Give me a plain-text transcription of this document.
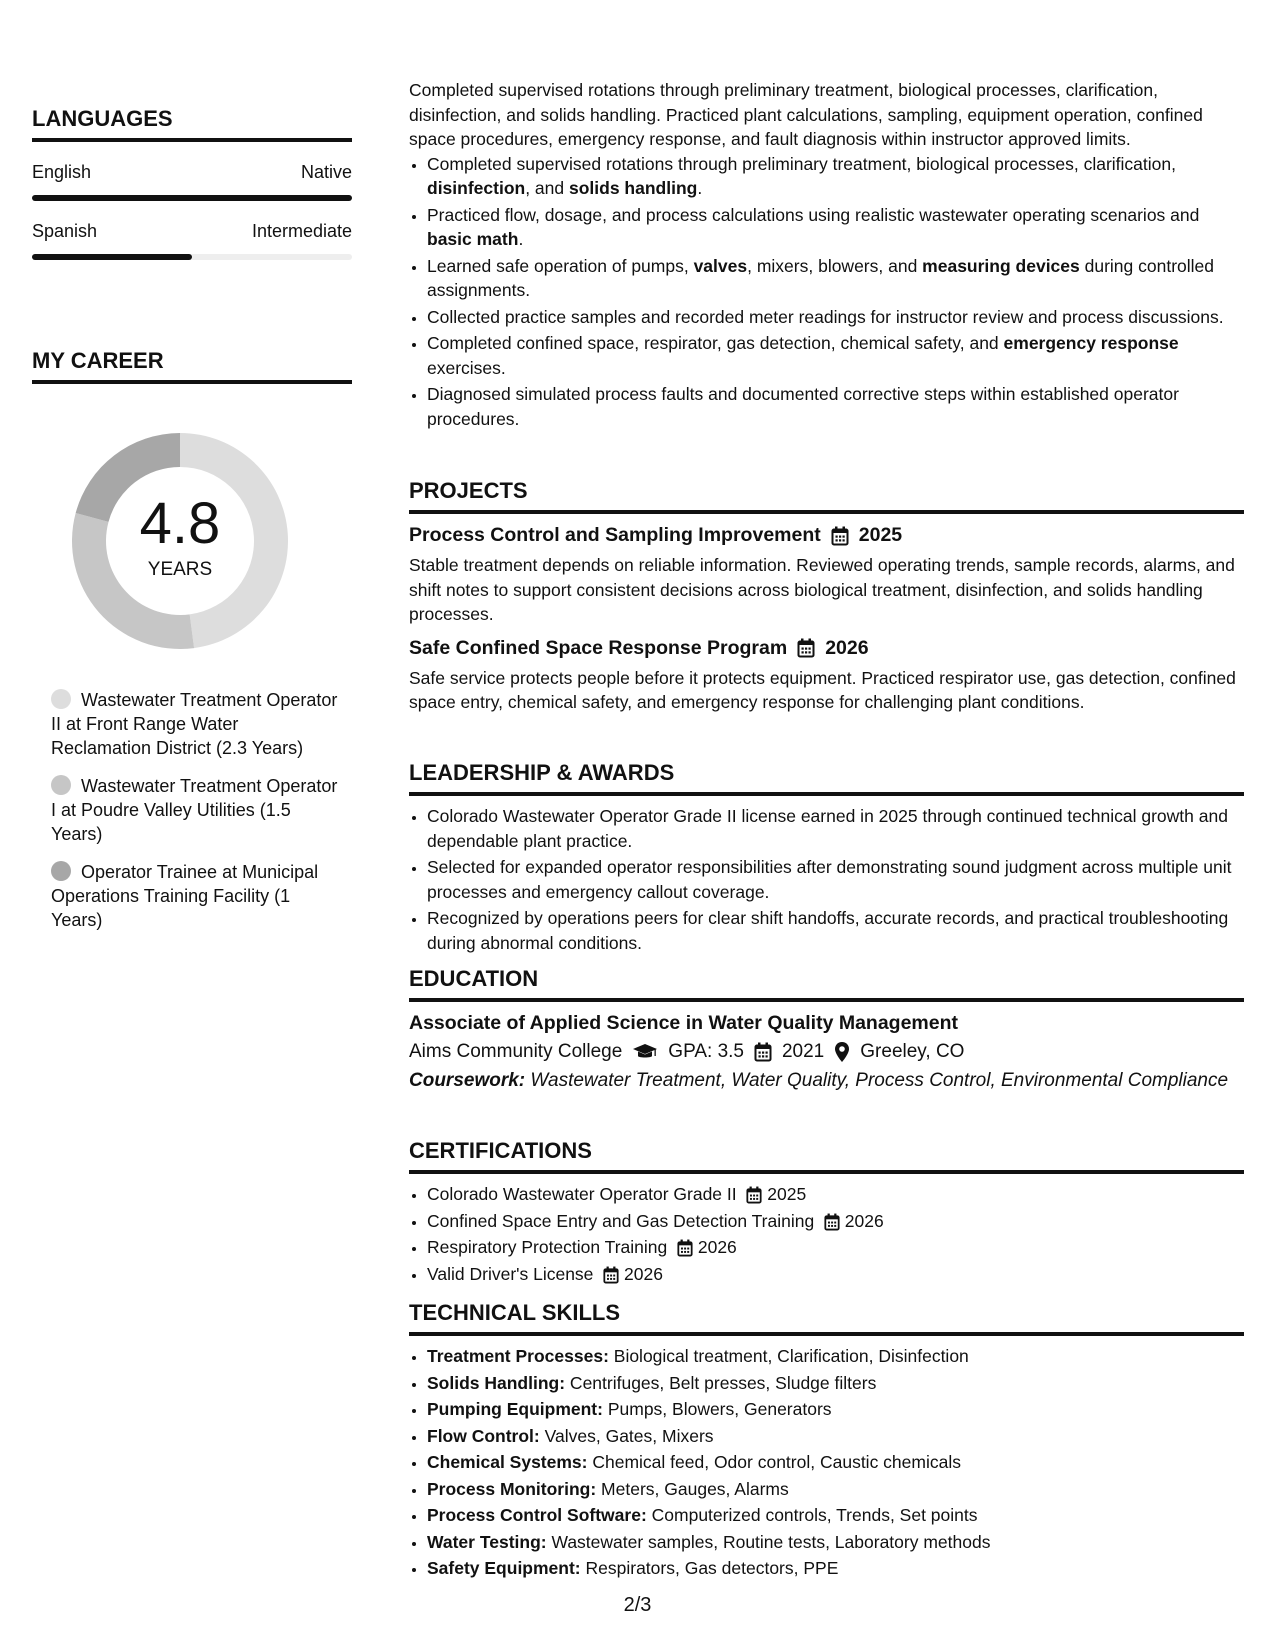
LANGUAGES
English	Native
Spanish	Intermediate
MY CAREER
4.8
YEARS
Wastewater Treatment Operator II at Front Range Water Reclamation District (2.3 Years)
Wastewater Treatment Operator I at Poudre Valley Utilities (1.5 Years)
Operator Trainee at Municipal Operations Training Facility (1 Years)

Completed supervised rotations through preliminary treatment, biological processes, clarification, disinfection, and solids handling. Practiced plant calculations, sampling, equipment operation, confined space procedures, emergency response, and fault diagnosis within instructor approved limits.

• Completed supervised rotations through preliminary treatment, biological processes, clarification, disinfection, and solids handling.
• Practiced flow, dosage, and process calculations using realistic wastewater operating scenarios and basic math.
• Learned safe operation of pumps, valves, mixers, blowers, and measuring devices during controlled assignments.
• Collected practice samples and recorded meter readings for instructor review and process discussions.
• Completed confined space, respirator, gas detection, chemical safety, and emergency response exercises.
• Diagnosed simulated process faults and documented corrective steps within established operator procedures.
PROJECTS
Process Control and Sampling Improvement 2025

Stable treatment depends on reliable information. Reviewed operating trends, sample records, alarms, and shift notes to support consistent decisions across biological treatment, disinfection, and solids handling processes.

Safe Confined Space Response Program 2026

Safe service protects people before it protects equipment. Practiced respirator use, gas detection, confined space entry, chemical safety, and emergency response for challenging plant conditions.

LEADERSHIP & AWARDS
• Colorado Wastewater Operator Grade II license earned in 2025 through continued technical growth and dependable plant practice.
• Selected for expanded operator responsibilities after demonstrating sound judgment across multiple unit processes and emergency callout coverage.
• Recognized by operations peers for clear shift handoffs, accurate records, and practical troubleshooting during abnormal conditions.
EDUCATION
Associate of Applied Science in Water Quality Management
Aims Community College GPA: 3.5 2021 Greeley, CO
Coursework: Wastewater Treatment, Water Quality, Process Control, Environmental Compliance
CERTIFICATIONS
• Colorado Wastewater Operator Grade II 2025
• Confined Space Entry and Gas Detection Training 2026
• Respiratory Protection Training 2026
• Valid Driver's License 2026
TECHNICAL SKILLS
• Treatment Processes: Biological treatment, Clarification, Disinfection
• Solids Handling: Centrifuges, Belt presses, Sludge filters
• Pumping Equipment: Pumps, Blowers, Generators
• Flow Control: Valves, Gates, Mixers
• Chemical Systems: Chemical feed, Odor control, Caustic chemicals
• Process Monitoring: Meters, Gauges, Alarms
• Process Control Software: Computerized controls, Trends, Set points
• Water Testing: Wastewater samples, Routine tests, Laboratory methods
• Safety Equipment: Respirators, Gas detectors, PPE
2/3
